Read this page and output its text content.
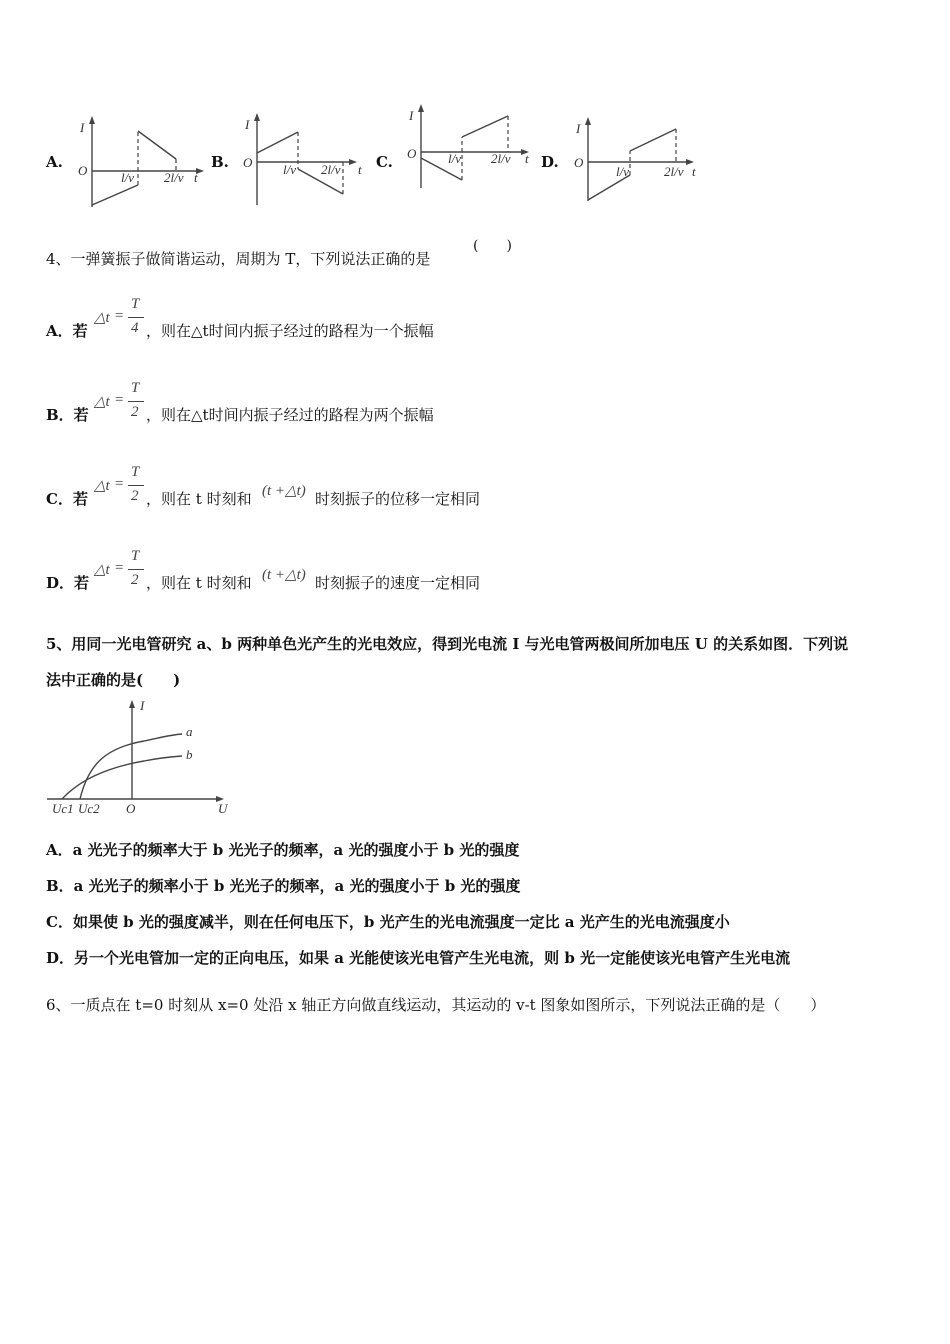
A.
I
O	l/v 2l/v t
B.
I
O l/v 2l/v t C.
I
O l/v 2l/v t D.
I
O
l/v	2l/v t
4、一弹簧振子做简谐运动，周期为 T，下列说法正确的是
(　　)
A．若
△t =
T
4 ，则在△t时间内振子经过的路程为一个振幅
B．若
△t =
T
2 ，则在△t时间内振子经过的路程为两个振幅
C．若
△t =
T
2 ，则在 t 时刻和 (t +△t) 时刻振子的位移一定相同
D．若
△t =
T
2 ，则在 t 时刻和 (t +△t) 时刻振子的速度一定相同
5、用同一光电管研究 a、b 两种单色光产生的光电效应，得到光电流 I 与光电管两极间所加电压 U 的关系如图．下列说
法中正确的是(　　)
I
a
b
Uc1 Uc2 O	U
A．a 光光子的频率大于 b 光光子的频率，a 光的强度小于 b 光的强度
B．a 光光子的频率小于 b 光光子的频率，a 光的强度小于 b 光的强度
C．如果使 b 光的强度减半，则在任何电压下，b 光产生的光电流强度一定比 a 光产生的光电流强度小
D．另一个光电管加一定的正向电压，如果 a 光能使该光电管产生光电流，则 b 光一定能使该光电管产生光电流
6、一质点在 t=0 时刻从 x=0 处沿 x 轴正方向做直线运动，其运动的 v-t 图象如图所示，下列说法正确的是（　　）
